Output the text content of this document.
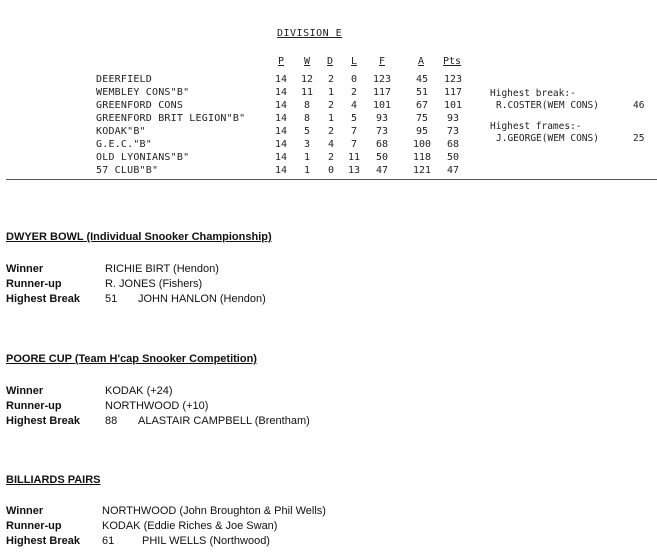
DIVISION E
P W D L F	A Pts
DEERFIELD	14 12	2	0	123	45	123
WEMBLEY CONS"B"	14 11	1	2	117	51	117
GREENFORD CONS	14	8	2	4	101	67	101
GREENFORD BRIT LEGION"B"	14	8	1	5	93	75	93
KODAK"B"	14	5	2	7	73	95	73
G.E.C."B"	14	3	4	7	68	100	68
OLD LYONIANS"B"	14	1	2	11	50	118	50
57 CLUB"B"	14	1	0	13	47	121	47
Highest break:-
R.COSTER(WEM CONS)	46
Highest frames:-
J.GEORGE(WEM CONS)	25
DWYER BOWL (Individual Snooker Championship)
Winner	RICHIE BIRT (Hendon)
Runner-up	R. JONES (Fishers)
Highest Break 51 JOHN HANLON (Hendon)
POORE CUP (Team H'cap Snooker Competition)
Winner	KODAK (+24)
Runner-up	NORTHWOOD (+10)
Highest Break 88 ALASTAIR CAMPBELL (Brentham)
BILLIARDS PAIRS
Winner	NORTHWOOD (John Broughton & Phil Wells)
Runner-up	KODAK (Eddie Riches & Joe Swan)
Highest Break 61	PHIL WELLS (Northwood)
